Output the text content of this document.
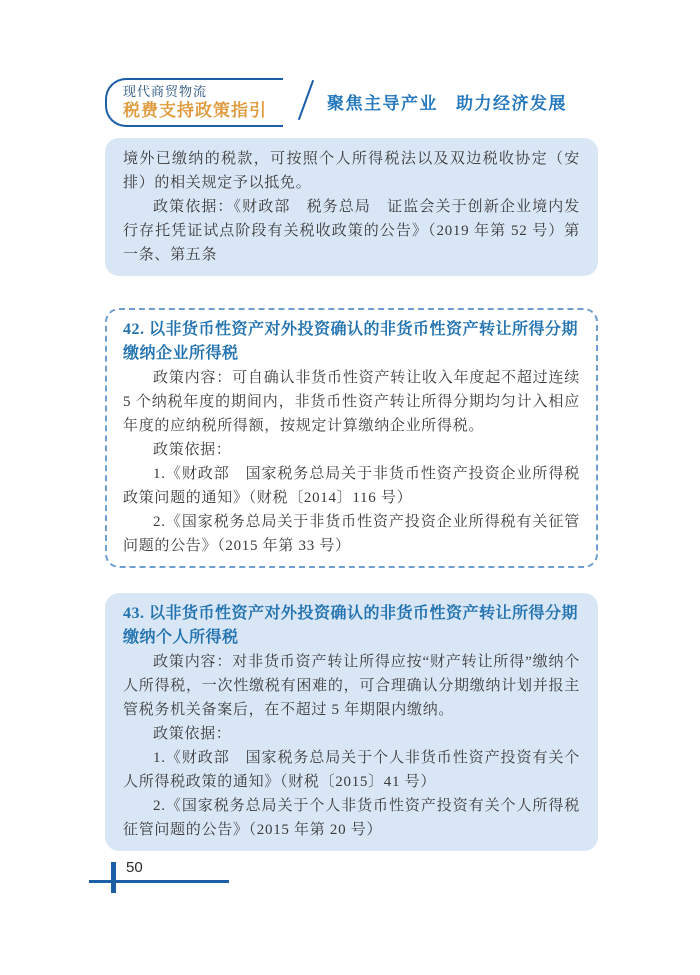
现代商贸物流
税费支持政策指引	聚焦主导产业 助力经济发展

境外已缴纳的税款，可按照个人所得税法以及双边税收协定（安排）的相关规定予以抵免。

政策依据：《财政部　税务总局　证监会关于创新企业境内发行存托凭证试点阶段有关税收政策的公告》（2019 年第 52 号）第一条、第五条

42. 以非货币性资产对外投资确认的非货币性资产转让所得分期缴纳企业所得税

政策内容：可自确认非货币性资产转让收入年度起不超过连续 5 个纳税年度的期间内，非货币性资产转让所得分期均匀计入相应年度的应纳税所得额，按规定计算缴纳企业所得税。

政策依据：

1.《财政部　国家税务总局关于非货币性资产投资企业所得税政策问题的通知》（财税〔2014〕116 号）

2.《国家税务总局关于非货币性资产投资企业所得税有关征管问题的公告》（2015 年第 33 号）

43. 以非货币性资产对外投资确认的非货币性资产转让所得分期缴纳个人所得税

政策内容：对非货币资产转让所得应按“财产转让所得”缴纳个人所得税，一次性缴税有困难的，可合理确认分期缴纳计划并报主管税务机关备案后，在不超过 5 年期限内缴纳。

政策依据：

1.《财政部　国家税务总局关于个人非货币性资产投资有关个人所得税政策的通知》（财税〔2015〕41 号）

2.《国家税务总局关于个人非货币性资产投资有关个人所得税征管问题的公告》（2015 年第 20 号）

50
